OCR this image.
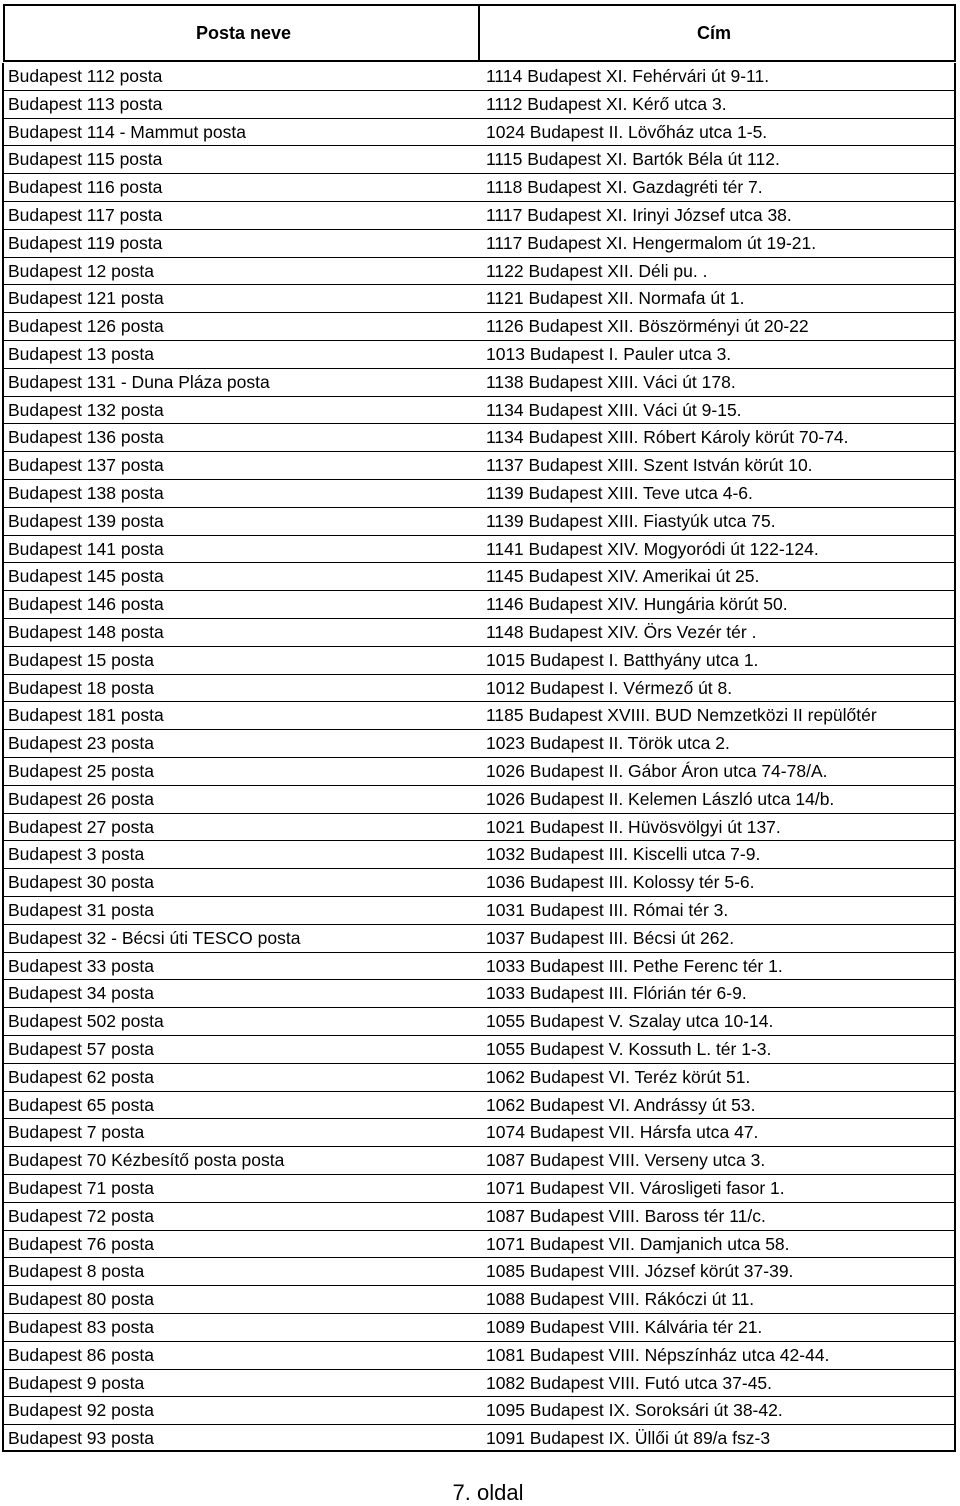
Posta neve	Cím
Budapest 112 posta	1114 Budapest XI. Fehérvári út 9-11.
Budapest 113 posta	1112 Budapest XI. Kérő utca 3.
Budapest 114 - Mammut posta	1024 Budapest II. Lövőház utca 1-5.
Budapest 115 posta	1115 Budapest XI. Bartók Béla út 112.
Budapest 116 posta	1118 Budapest XI. Gazdagréti tér 7.
Budapest 117 posta	1117 Budapest XI. Irinyi József utca 38.
Budapest 119 posta	1117 Budapest XI. Hengermalom út 19-21.
Budapest 12 posta	1122 Budapest XII. Déli pu. .
Budapest 121 posta	1121 Budapest XII. Normafa út 1.
Budapest 126 posta	1126 Budapest XII. Böszörményi út 20-22
Budapest 13 posta	1013 Budapest I. Pauler utca 3.
Budapest 131 - Duna Pláza posta	1138 Budapest XIII. Váci út 178.
Budapest 132 posta	1134 Budapest XIII. Váci út 9-15.
Budapest 136 posta	1134 Budapest XIII. Róbert Károly körút 70-74.
Budapest 137 posta	1137 Budapest XIII. Szent István körút 10.
Budapest 138 posta	1139 Budapest XIII. Teve utca 4-6.
Budapest 139 posta	1139 Budapest XIII. Fiastyúk utca 75.
Budapest 141 posta	1141 Budapest XIV. Mogyoródi út 122-124.
Budapest 145 posta	1145 Budapest XIV. Amerikai út 25.
Budapest 146 posta	1146 Budapest XIV. Hungária körút 50.
Budapest 148 posta	1148 Budapest XIV. Örs Vezér tér .
Budapest 15 posta	1015 Budapest I. Batthyány utca 1.
Budapest 18 posta	1012 Budapest I. Vérmező út 8.
Budapest 181 posta	1185 Budapest XVIII. BUD Nemzetközi II repülőtér
Budapest 23 posta	1023 Budapest II. Török utca 2.
Budapest 25 posta	1026 Budapest II. Gábor Áron utca 74-78/A.
Budapest 26 posta	1026 Budapest II. Kelemen László utca 14/b.
Budapest 27 posta	1021 Budapest II. Hüvösvölgyi út 137.
Budapest 3 posta	1032 Budapest III. Kiscelli utca 7-9.
Budapest 30 posta	1036 Budapest III. Kolossy tér 5-6.
Budapest 31 posta	1031 Budapest III. Római tér 3.
Budapest 32 - Bécsi úti TESCO posta	1037 Budapest III. Bécsi út 262.
Budapest 33 posta	1033 Budapest III. Pethe Ferenc tér 1.
Budapest 34 posta	1033 Budapest III. Flórián tér 6-9.
Budapest 502 posta	1055 Budapest V. Szalay utca 10-14.
Budapest 57 posta	1055 Budapest V. Kossuth L. tér 1-3.
Budapest 62 posta	1062 Budapest VI. Teréz körút 51.
Budapest 65 posta	1062 Budapest VI. Andrássy út 53.
Budapest 7 posta	1074 Budapest VII. Hársfa utca 47.
Budapest 70 Kézbesítő posta posta	1087 Budapest VIII. Verseny utca 3.
Budapest 71 posta	1071 Budapest VII. Városligeti fasor 1.
Budapest 72 posta	1087 Budapest VIII. Baross tér 11/c.
Budapest 76 posta	1071 Budapest VII. Damjanich utca 58.
Budapest 8 posta	1085 Budapest VIII. József körút 37-39.
Budapest 80 posta	1088 Budapest VIII. Rákóczi út 11.
Budapest 83 posta	1089 Budapest VIII. Kálvária tér 21.
Budapest 86 posta	1081 Budapest VIII. Népszínház utca 42-44.
Budapest 9 posta	1082 Budapest VIII. Futó utca 37-45.
Budapest 92 posta	1095 Budapest IX. Soroksári út 38-42.
Budapest 93 posta	1091 Budapest IX. Üllői út 89/a fsz-3
7. oldal
